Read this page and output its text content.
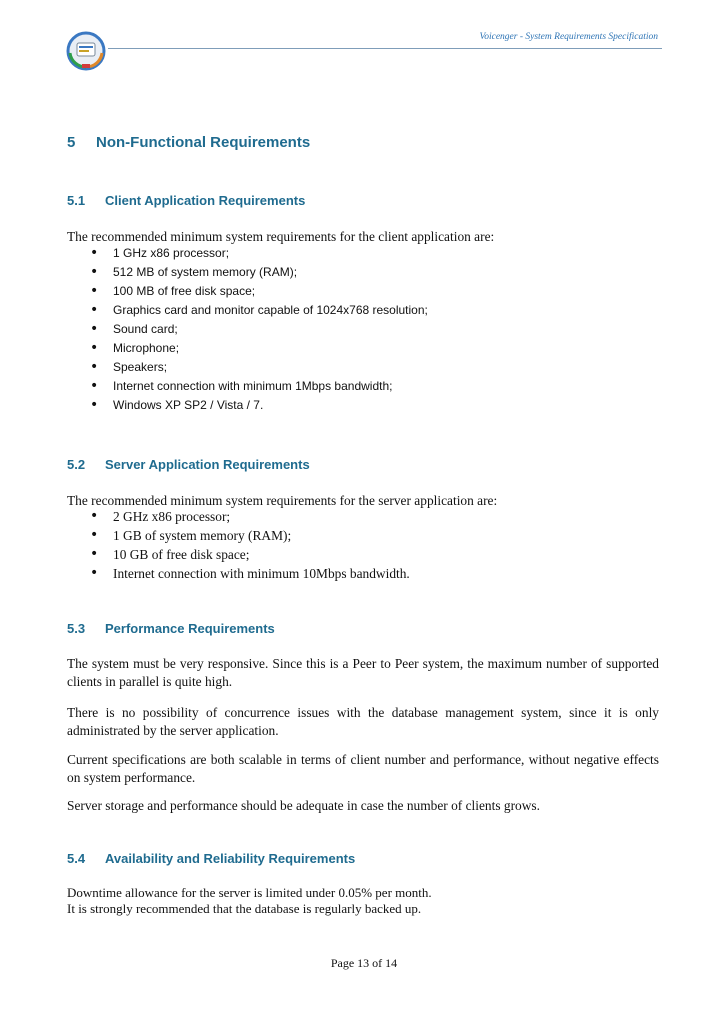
Voicenger - System Requirements Specification
5 Non-Functional Requirements
5.1 Client Application Requirements
The recommended minimum system requirements for the client application are:
• 1 GHz x86 processor;
• 512 MB of system memory (RAM);
• 100 MB of free disk space;
• Graphics card and monitor capable of 1024x768 resolution;
• Sound card;
• Microphone;
• Speakers;
• Internet connection with minimum 1Mbps bandwidth;
• Windows XP SP2 / Vista / 7.
5.2 Server Application Requirements
The recommended minimum system requirements for the server application are:
• 2 GHz x86 processor;
• 1 GB of system memory (RAM);
• 10 GB of free disk space;
• Internet connection with minimum 10Mbps bandwidth.
5.3 Performance Requirements
The system must be very responsive. Since this is a Peer to Peer system, the maximum number of supported clients in parallel is quite high.
There is no possibility of concurrence issues with the database management system, since it is only administrated by the server application.
Current specifications are both scalable in terms of client number and performance, without negative effects on system performance.
Server storage and performance should be adequate in case the number of clients grows.
5.4 Availability and Reliability Requirements
Downtime allowance for the server is limited under 0.05% per month.
It is strongly recommended that the database is regularly backed up.
Page 13 of 14
